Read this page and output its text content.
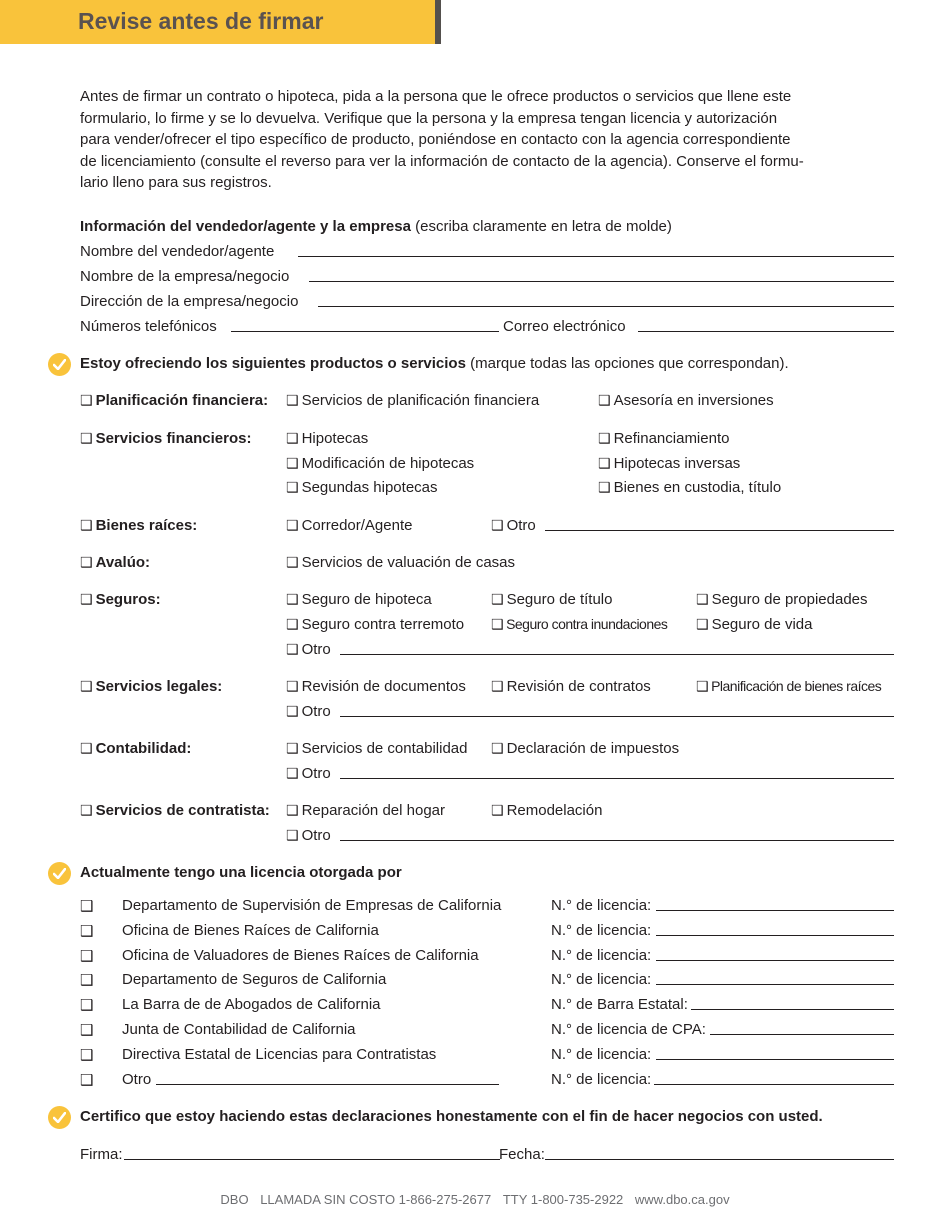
Revise antes de firmar
Antes de firmar un contrato o hipoteca, pida a la persona que le ofrece productos o servicios que llene este
formulario, lo firme y se lo devuelva. Verifique que la persona y la empresa tengan licencia y autorización
para vender/ofrecer el tipo específico de producto, poniéndose en contacto con la agencia correspondiente
de licenciamiento (consulte el reverso para ver la información de contacto de la agencia). Conserve el formu-
lario lleno para sus registros.
Información del vendedor/agente y la empresa (escriba claramente en letra de molde)
Nombre del vendedor/agente
Nombre de la empresa/negocio
Dirección de la empresa/negocio
Números telefónicos	Correo electrónico
Estoy ofreciendo los siguientes productos o servicios (marque todas las opciones que correspondan).
❑ Planificación financiera: ❑ Servicios de planificación financiera	❑ Asesoría en inversiones
❑ Servicios financieros: ❑ Hipotecas	❑ Refinanciamiento
❑ Modificación de hipotecas	❑ Hipotecas inversas
❑ Segundas hipotecas	❑ Bienes en custodia, título
❑ Bienes raíces:	❑ Corredor/Agente	❑ Otro
❑ Avalúo:	❑ Servicios de valuación de casas
❑ Seguros:	❑ Seguro de hipoteca	❑ Seguro de título	❑ Seguro de propiedades
❑ Seguro contra terremoto ❑ Seguro contra inundaciones ❑ Seguro de vida
❑ Otro
❑ Servicios legales:	❑ Revisión de documentos ❑ Revisión de contratos	❑ Planificación de bienes raíces
❑ Otro
❑ Contabilidad:	❑ Servicios de contabilidad ❑ Declaración de impuestos
❑ Otro
❑ Servicios de contratista: ❑ Reparación del hogar	❑ Remodelación
❑ Otro
Actualmente tengo una licencia otorgada por
❑ Departamento de Supervisión de Empresas de California	N.° de licencia:
❑ Oficina de Bienes Raíces de California	N.° de licencia:
❑ Oficina de Valuadores de Bienes Raíces de California	N.° de licencia:
❑ Departamento de Seguros de California	N.° de licencia:
❑ La Barra de de Abogados de California	N.° de Barra Estatal:
❑ Junta de Contabilidad de California	N.° de licencia de CPA:
❑ Directiva Estatal de Licencias para Contratistas	N.° de licencia:
❑ Otro	N.° de licencia:
Certifico que estoy haciendo estas declaraciones honestamente con el fin de hacer negocios con usted.
Firma:	Fecha:
DBO LLAMADA SIN COSTO 1-866-275-2677 TTY 1-800-735-2922 www.dbo.ca.gov
